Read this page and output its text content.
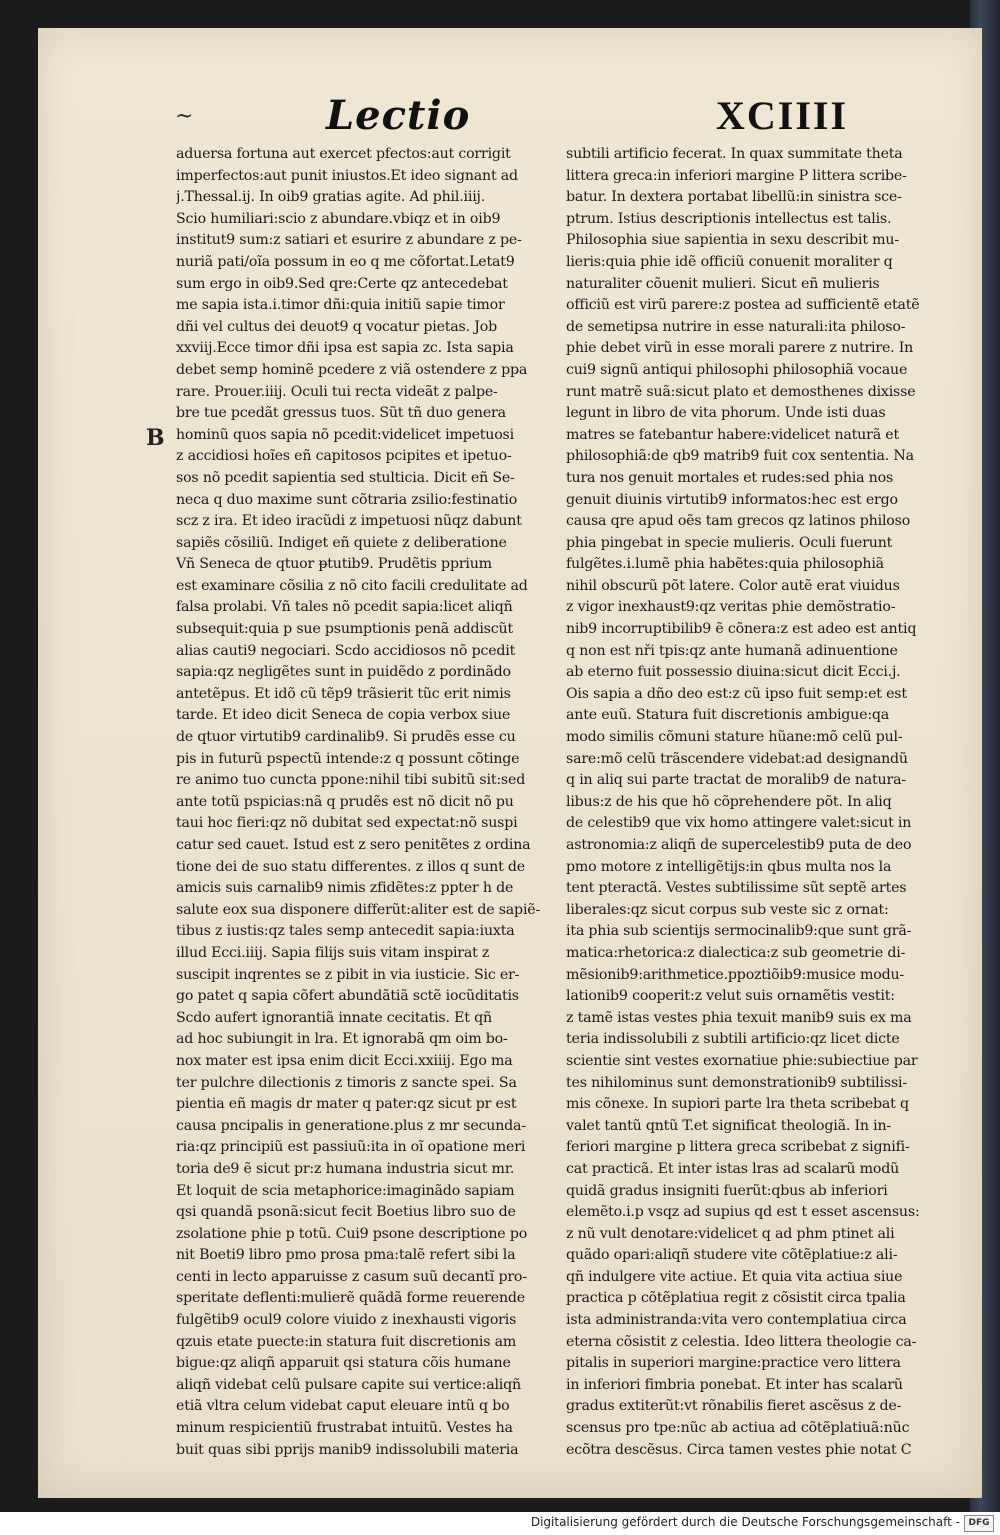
~	Lectio	XCIIII
B
aduersa fortuna aut exercet pfectos:aut corrigit
imperfectos:aut punit iniustos.Et ideo signant ad
j.Thessal.ij. In oib9 gratias agite. Ad phil.iiij.
Scio humiliari:scio z abundare.vbiqz et in oib9
institut9 sum:z satiari et esurire z abundare z pe-
nuriã pati/oĩa possum in eo q me cõfortat.Letat9
sum ergo in oib9.Sed qre:Certe qz antecedebat
me sapia ista.i.timor dñi:quia initiũ sapie timor
dñi vel cultus dei deuot9 q vocatur pietas. Job
xxviij.Ecce timor dñi ipsa est sapia zc. Ista sapia
debet semp hominẽ pcedere z viã ostendere z ppa
rare. Prouer.iiij. Oculi tui recta videãt z palpe-
bre tue pcedãt gressus tuos. Sũt tñ duo genera
hominũ quos sapia nõ pcedit:videlicet impetuosi
z accidiosi hoĩes eñ capitosos pcipites et ipetuo-
sos nõ pcedit sapientia sed stulticia. Dicit eñ Se-
neca q duo maxime sunt cõtraria zsilio:festinatio
scz z ira. Et ideo iracũdi z impetuosi nũqz dabunt
sapiẽs cõsiliũ. Indiget eñ quiete z deliberatione
Vñ Seneca de qtuor ᵽtutib9. Prudẽtis pprium
est examinare cõsilia z nõ cito facili credulitate ad
falsa prolabi. Vñ tales nõ pcedit sapia:licet aliqñ
subsequit:quia p sue psumptionis penã addiscũt
alias cauti9 negociari. Scdo accidiosos nõ pcedit
sapia:qz negligẽtes sunt in puidẽdo z pordinãdo
antetẽpus. Et idõ cũ tẽp9 trãsierit tũc erit nimis
tarde. Et ideo dicit Seneca de copia verbox siue
de qtuor virtutib9 cardinalib9. Si prudẽs esse cu
pis in futurũ pspectũ intende:z q possunt cõtinge
re animo tuo cuncta ppone:nihil tibi subitũ sit:sed
ante totũ pspicias:nã q prudẽs est nõ dicit nõ pu
taui hoc fieri:qz nõ dubitat sed expectat:nõ suspi
catur sed cauet. Istud est z sero penitẽtes z ordina
tione dei de suo statu differentes. z illos q sunt de
amicis suis carnalib9 nimis zfidẽtes:z ppter h de
salute eox sua disponere differũt:aliter est de sapiẽ-
tibus z iustis:qz tales semp antecedit sapia:iuxta
illud Ecci.iiij. Sapia filijs suis vitam inspirat z
suscipit inqrentes se z pibit in via iusticie. Sic er-
go patet q sapia cõfert abundãtiã sctẽ iocũditatis
Scdo aufert ignorantiã innate cecitatis. Et qñ
ad hoc subiungit in lra. Et ignorabã qm oim bo-
nox mater est ipsa enim dicit Ecci.xxiiij. Ego ma
ter pulchre dilectionis z timoris z sancte spei. Sa
pientia eñ magis dr mater q pater:qz sicut pr est
causa pncipalis in generatione.plus z mr secunda-
ria:qz principiũ est passiuũ:ita in oĩ opatione meri
toria de9 ẽ sicut pr:z humana industria sicut mr.
Et loquit de scia metaphorice:imaginãdo sapiam
qsi quandã psonã:sicut fecit Boetius libro suo de
zsolatione phie p totũ. Cui9 psone descriptione po
nit Boeti9 libro pmo prosa pma:talẽ refert sibi la
centi in lecto apparuisse z casum suũ decantĩ pro-
speritate deflenti:mulierẽ quãdã forme reuerende
fulgẽtib9 ocul9 colore viuido z inexhausti vigoris
qzuis etate puecte:in statura fuit discretionis am
bigue:qz aliqñ apparuit qsi statura cõis humane
aliqñ videbat celũ pulsare capite sui vertice:aliqñ
etiã vltra celum videbat caput eleuare intũ q bo
minum respicientiũ frustrabat intuitũ. Vestes ha
buit quas sibi pprijs manib9 indissolubili materia
subtili artificio fecerat. In quax summitate theta
littera greca:in inferiori margine P littera scribe-
batur. In dextera portabat libellũ:in sinistra sce-
ptrum. Istius descriptionis intellectus est talis.
Philosophia siue sapientia in sexu describit mu-
lieris:quia phie idẽ officiũ conuenit moraliter q
naturaliter cõuenit mulieri. Sicut eñ mulieris
officiũ est virũ parere:z postea ad sufficientẽ etatẽ
de semetipsa nutrire in esse naturali:ita philoso-
phie debet virũ in esse morali parere z nutrire. In
cui9 signũ antiqui philosophi philosophiã vocaue
runt matrẽ suã:sicut plato et demosthenes dixisse
legunt in libro de vita phorum. Unde isti duas
matres se fatebantur habere:videlicet naturã et
philosophiã:de qb9 matrib9 fuit cox sententia. Na
tura nos genuit mortales et rudes:sed phia nos
genuit diuinis virtutib9 informatos:hec est ergo
causa qre apud oẽs tam grecos qz latinos philoso
phia pingebat in specie mulieris. Oculi fuerunt
fulgẽtes.i.lumẽ phia habẽtes:quia philosophiã
nihil obscurũ põt latere. Color autẽ erat viuidus
z vigor inexhaust9:qz veritas phie demõstratio-
nib9 incorruptibilib9 ẽ cõnera:z est adeo est antiq
q non est nři tpis:qz ante humanã adinuentione
ab eterno fuit possessio diuina:sicut dicit Ecci.j.
Ois sapia a dño deo est:z cũ ipso fuit semp:et est
ante euũ. Statura fuit discretionis ambigue:qa
modo similis cõmuni stature hũane:mõ celũ pul-
sare:mõ celũ trãscendere videbat:ad designandũ
q in aliq sui parte tractat de moralib9 de natura-
libus:z de his que hõ cõprehendere põt. In aliq
de celestib9 que vix homo attingere valet:sicut in
astronomia:z aliqñ de supercelestib9 puta de deo
pmo motore z intelligẽtijs:in qbus multa nos la
tent pteractã. Vestes subtilissime sũt septẽ artes
liberales:qz sicut corpus sub veste sic z ornat:
ita phia sub scientijs sermocinalib9:que sunt grã-
matica:rhetorica:z dialectica:z sub geometrie di-
mẽsionib9:arithmetice.ppoztiõib9:musice modu-
lationib9 cooperit:z velut suis ornamẽtis vestit:
z tamẽ istas vestes phia texuit manib9 suis ex ma
teria indissolubili z subtili artificio:qz licet dicte
scientie sint vestes exornatiue phie:subiectiue par
tes nihilominus sunt demonstrationib9 subtilissi-
mis cõnexe. In supiori parte lra theta scribebat q
valet tantũ qntũ T.et significat theologiã. In in-
feriori margine p littera greca scribebat z signifi-
cat practicã. Et inter istas lras ad scalarũ modũ
quidã gradus insigniti fuerũt:qbus ab inferiori
elemẽto.i.p vsqz ad supius qd est t esset ascensus:
z nũ vult denotare:videlicet q ad phm ptinet ali
quãdo opari:aliqñ studere vite cõtẽplatiue:z ali-
qñ indulgere vite actiue. Et quia vita actiua siue
practica p cõtẽplatiua regit z cõsistit circa tpalia
ista administranda:vita vero contemplatiua circa
eterna cõsistit z celestia. Ideo littera theologie ca-
pitalis in superiori margine:practice vero littera
in inferiori fimbria ponebat. Et inter has scalarũ
gradus extiterũt:vt rõnabilis fieret ascẽsus z de-
scensus pro tpe:nũc ab actiua ad cõtẽplatiuã:nũc
ecõtra descẽsus. Circa tamen vestes phie notat C
Digitalisierung gefördert durch die Deutsche Forschungsgemeinschaft - DFG
